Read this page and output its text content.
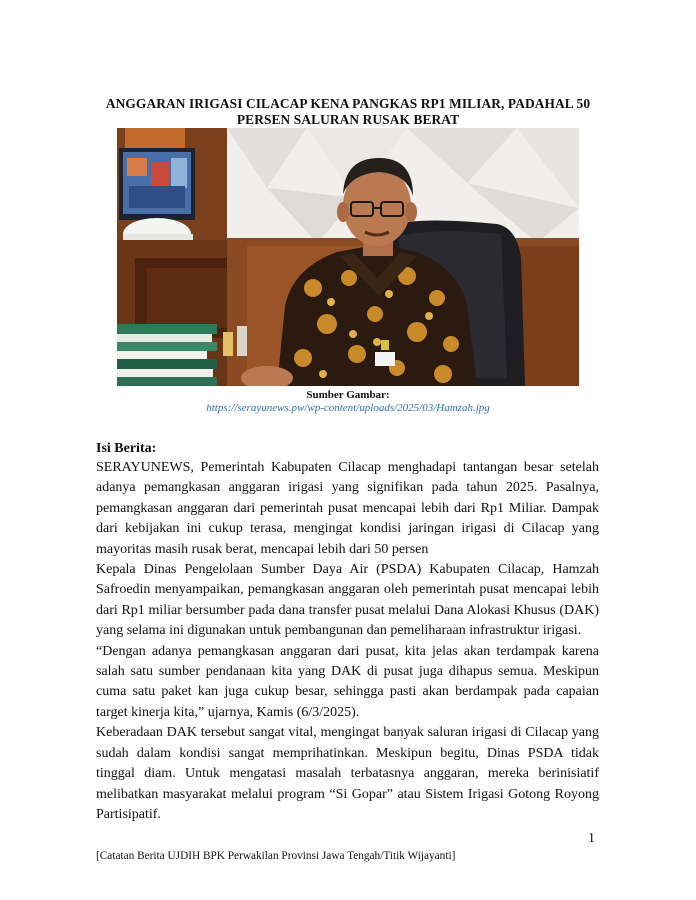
ANGGARAN IRIGASI CILACAP KENA PANGKAS RP1 MILIAR, PADAHAL 50 PERSEN SALURAN RUSAK BERAT
Sumber Gambar:
https://serayunews.pw/wp-content/uploads/2025/03/Hamzah.jpg
Isi Berita:

SERAYUNEWS, Pemerintah Kabupaten Cilacap menghadapi tantangan besar setelah adanya pemangkasan anggaran irigasi yang signifikan pada tahun 2025. Pasalnya, pemangkasan anggaran dari pemerintah pusat mencapai lebih dari Rp1 Miliar. Dampak dari kebijakan ini cukup terasa, mengingat kondisi jaringan irigasi di Cilacap yang mayoritas masih rusak berat, mencapai lebih dari 50 persen

Kepala Dinas Pengelolaan Sumber Daya Air (PSDA) Kabupaten Cilacap, Hamzah Safroedin menyampaikan, pemangkasan anggaran oleh pemerintah pusat mencapai lebih dari Rp1 miliar bersumber pada dana transfer pusat melalui Dana Alokasi Khusus (DAK) yang selama ini digunakan untuk pembangunan dan pemeliharaan infrastruktur irigasi.

“Dengan adanya pemangkasan anggaran dari pusat, kita jelas akan terdampak karena salah satu sumber pendanaan kita yang DAK di pusat juga dihapus semua. Meskipun cuma satu paket kan juga cukup besar, sehingga pasti akan berdampak pada capaian target kinerja kita,” ujarnya, Kamis (6/3/2025).

Keberadaan DAK tersebut sangat vital, mengingat banyak saluran irigasi di Cilacap yang sudah dalam kondisi sangat memprihatinkan. Meskipun begitu, Dinas PSDA tidak tinggal diam. Untuk mengatasi masalah terbatasnya anggaran, mereka berinisiatif melibatkan masyarakat melalui program “Si Gopar” atau Sistem Irigasi Gotong Royong Partisipatif.

1
[Catatan Berita UJDIH BPK Perwakilan Provinsi Jawa Tengah/Titik Wijayanti]
